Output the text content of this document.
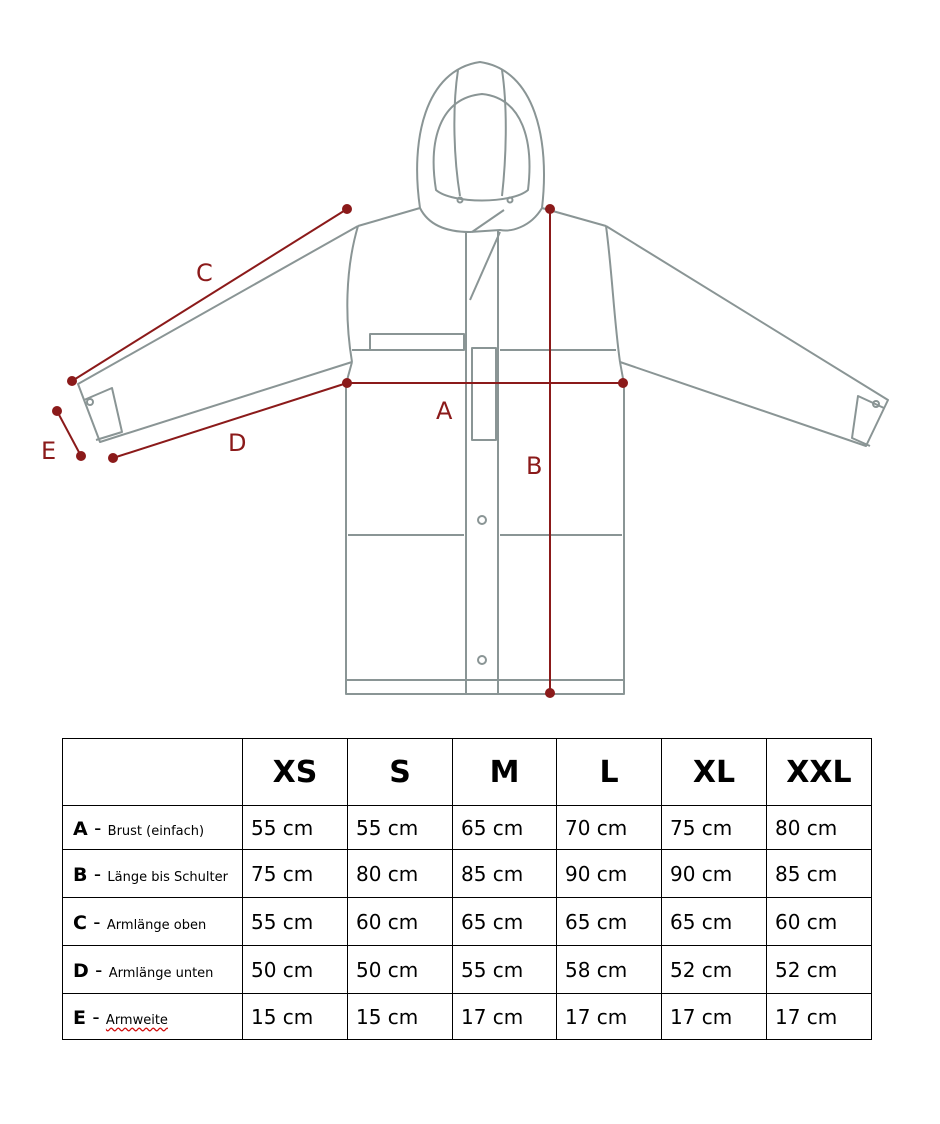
C
D
A
B
E
	XS	S	M	L	XL	XXL
A - Brust (einfach)	55 cm	55 cm	65 cm	70 cm	75 cm	80 cm
B - Länge bis Schulter	75 cm	80 cm	85 cm	90 cm	90 cm	85 cm
C - Armlänge oben	55 cm	60 cm	65 cm	65 cm	65 cm	60 cm
D - Armlänge unten	50 cm	50 cm	55 cm	58 cm	52 cm	52 cm
E - Armweite	15 cm	15 cm	17 cm	17 cm	17 cm	17 cm
